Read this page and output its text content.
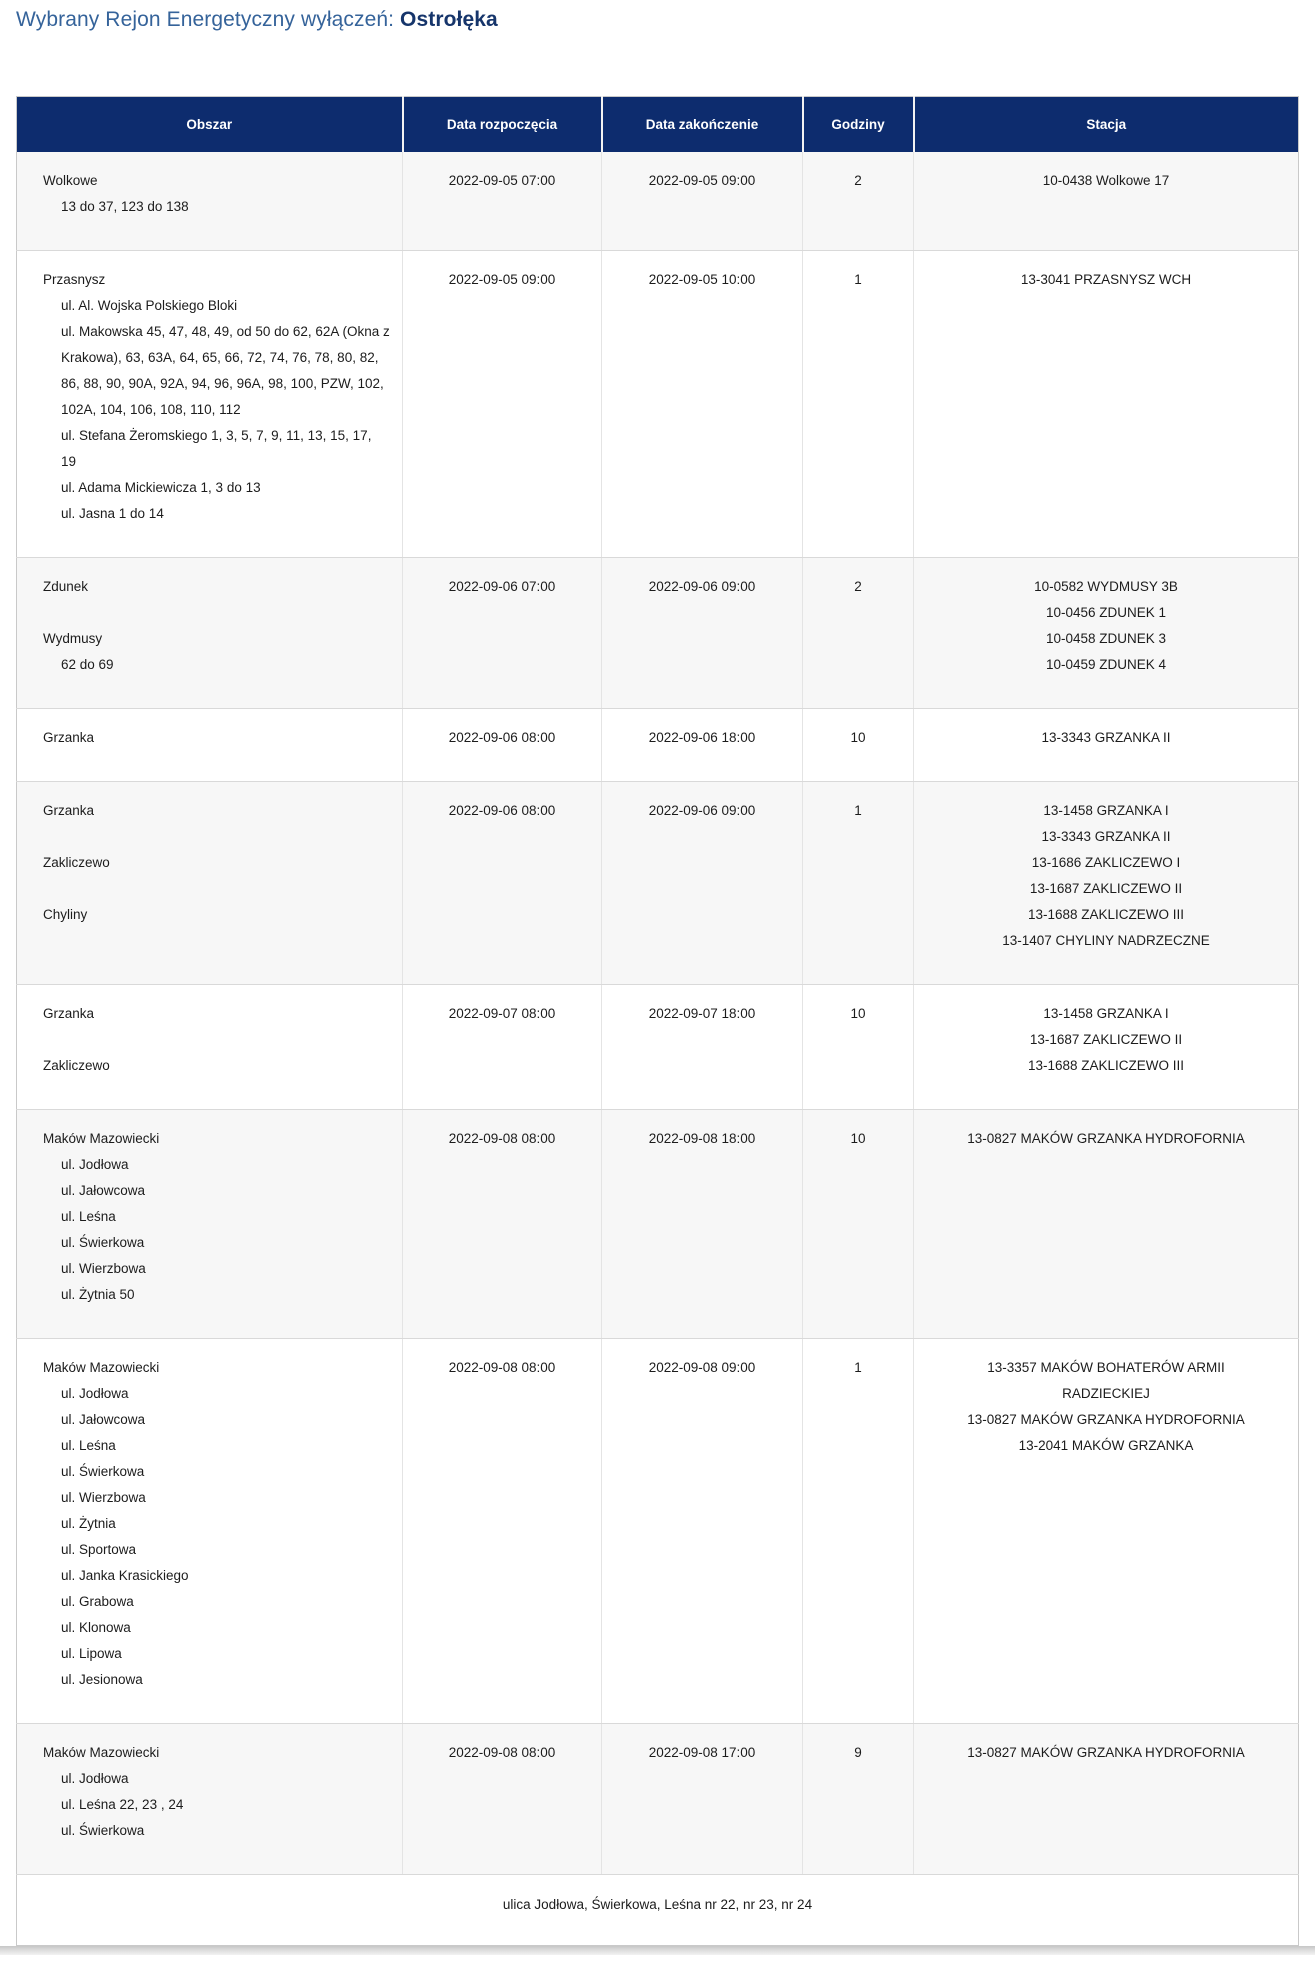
Wybrany Rejon Energetyczny wyłączeń: Ostrołęka
Obszar	Data rozpoczęcia	Data zakończenie	Godziny	Stacja

Wolkowe
13 do 37, 123 do 138	2022-09-05 07:00	2022-09-05 09:00	2	10-0438 Wolkowe 17

Przasnysz
ul. Al. Wojska Polskiego Bloki
ul. Makowska 45, 47, 48, 49, od 50 do 62, 62A (Okna z Krakowa), 63, 63A, 64, 65, 66, 72, 74, 76, 78, 80, 82, 86, 88, 90, 90A, 92A, 94, 96, 96A, 98, 100, PZW, 102, 102A, 104, 106, 108, 110, 112
ul. Stefana Żeromskiego 1, 3, 5, 7, 9, 11, 13, 15, 17, 19
ul. Adama Mickiewicza 1, 3 do 13
ul. Jasna 1 do 14
	2022-09-05 09:00	2022-09-05 10:00	1	13-3041 PRZASNYSZ WCH

Zdunek
Wydmusy
62 do 69
	2022-09-06 07:00	2022-09-06 09:00	2	10-0582 WYDMUSY 3B
10-0456 ZDUNEK 1
10-0458 ZDUNEK 3
10-0459 ZDUNEK 4

Grzanka	2022-09-06 08:00	2022-09-06 18:00	10	13-3343 GRZANKA II

Grzanka
Zakliczewo
Chyliny
	2022-09-06 08:00	2022-09-06 09:00	1	13-1458 GRZANKA I
13-3343 GRZANKA II
13-1686 ZAKLICZEWO I
13-1687 ZAKLICZEWO II
13-1688 ZAKLICZEWO III
13-1407 CHYLINY NADRZECZNE

Grzanka
Zakliczewo
	2022-09-07 08:00	2022-09-07 18:00	10	13-1458 GRZANKA I
13-1687 ZAKLICZEWO II
13-1688 ZAKLICZEWO III

Maków Mazowiecki
ul. Jodłowa
ul. Jałowcowa
ul. Leśna
ul. Świerkowa
ul. Wierzbowa
ul. Żytnia 50
	2022-09-08 08:00	2022-09-08 18:00	10	13-0827 MAKÓW GRZANKA HYDROFORNIA

Maków Mazowiecki
ul. Jodłowa
ul. Jałowcowa
ul. Leśna
ul. Świerkowa
ul. Wierzbowa
ul. Żytnia
ul. Sportowa
ul. Janka Krasickiego
ul. Grabowa
ul. Klonowa
ul. Lipowa
ul. Jesionowa
	2022-09-08 08:00	2022-09-08 09:00	1	13-3357 MAKÓW BOHATERÓW ARMII RADZIECKIEJ
13-0827 MAKÓW GRZANKA HYDROFORNIA
13-2041 MAKÓW GRZANKA

Maków Mazowiecki
ul. Jodłowa
ul. Leśna 22, 23 , 24
ul. Świerkowa	2022-09-08 08:00	2022-09-08 17:00	9	13-0827 MAKÓW GRZANKA HYDROFORNIA

ulica Jodłowa, Świerkowa, Leśna nr 22, nr 23, nr 24				
